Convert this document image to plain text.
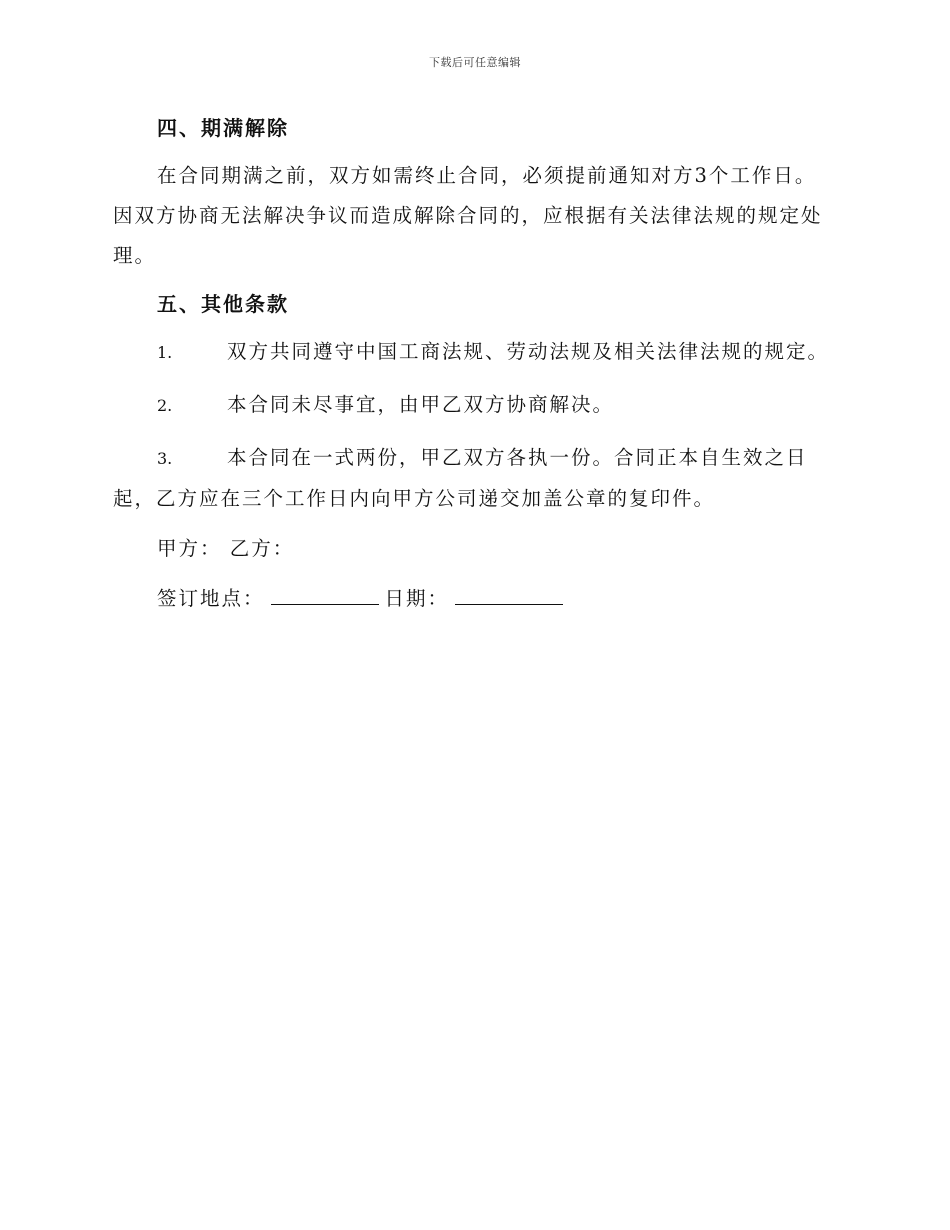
下载后可任意编辑
四、期满解除

在合同期满之前，双方如需终止合同，必须提前通知对方3个工作日。因双方协商无法解决争议而造成解除合同的，应根据有关法律法规的规定处理。

五、其他条款

1.	双方共同遵守中国工商法规、劳动法规及相关法律法规的规定。

2.	本合同未尽事宜，由甲乙双方协商解决。

3.	本合同在一式两份，甲乙双方各执一份。合同正本自生效之日起，乙方应在三个工作日内向甲方公司递交加盖公章的复印件。

甲方： 乙方：
签订地点：	日期：
